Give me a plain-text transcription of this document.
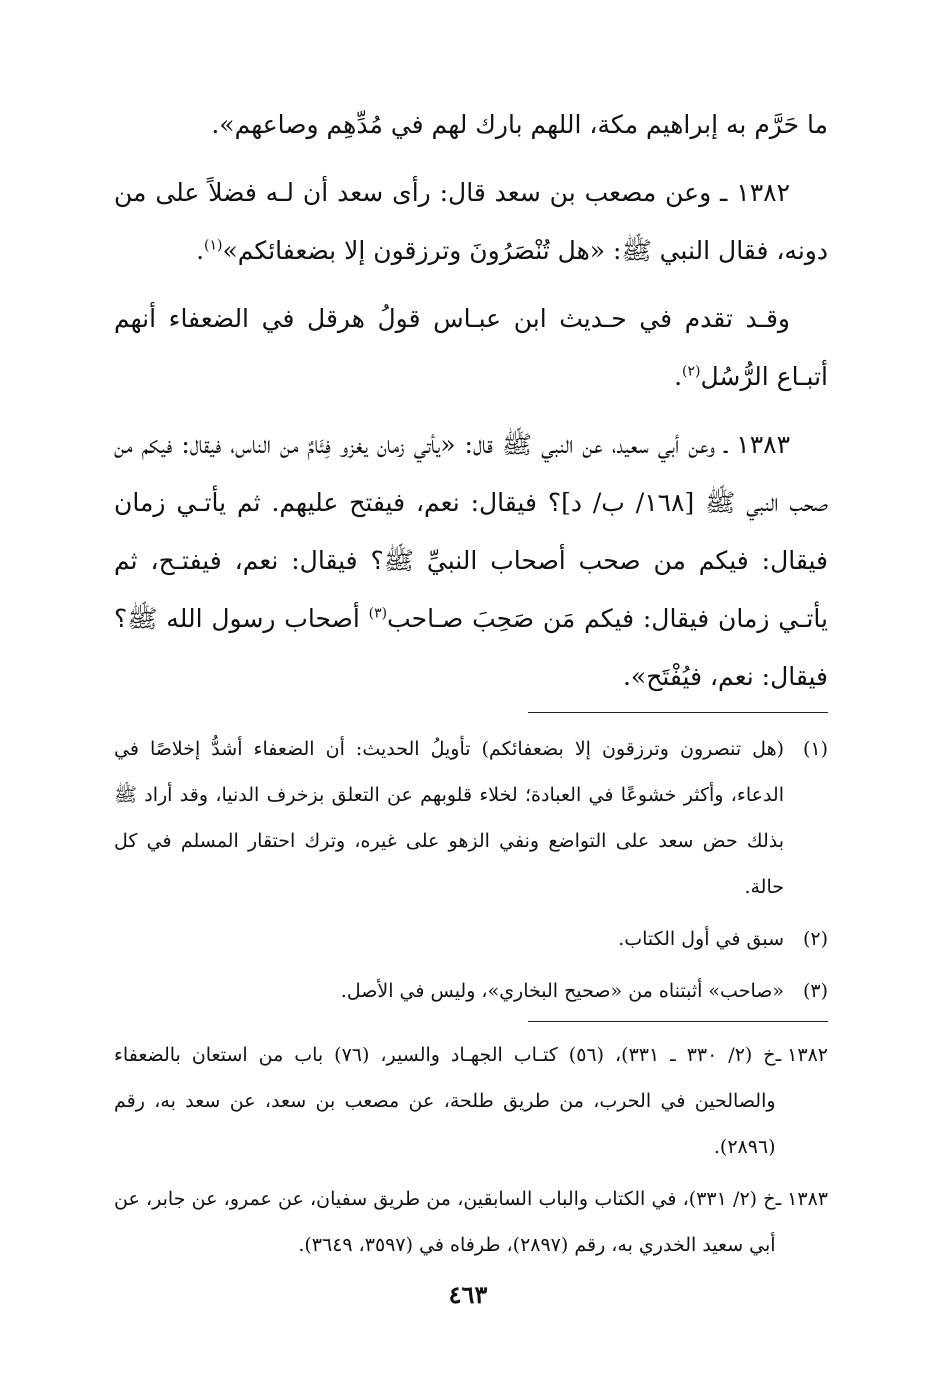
ما حَرَّم به إبراهيم مكة، اللهم بارك لهم في مُدِّهِم وصاعهم».

١٣٨٢ ـ وعن مصعب بن سعد قال: رأى سعد أن لـه فضلاً على من دونه، فقال النبي ﷺ: «هل تُنْصَرُونَ وترزقون إلا بضعفائكم»$^{(١)}$.

وقـد تقدم في حـديث ابن عبـاس قولُ هرقل في الضعفاء أنهم أتبـاع الرُّسُل$^{(٢)}$.

١٣٨٣ ـ وعن أبي سعيد، عن النبي ﷺ قال: «يأتي زمان يغزو فِئَامٌ من الناس، فيقال: فيكم من صحب النبي ﷺ [١٦٨/ ب/ د]؟ فيقال: نعم، فيفتح عليهم. ثم يأتـي زمان فيقال: فيكم من صحب أصحاب النبيِّ ﷺ؟ فيقال: نعم، فيفتـح، ثم يأتـي زمان فيقال: فيكم مَن صَحِبَ صـاحب$^{(٣)}$ أصحاب رسول الله ﷺ؟ فيقال: نعم، فيُفْتَح».

(١)
(هل تنصرون وترزقون إلا بضعفائكم) تأويلُ الحديث: أن الضعفاء أشدُّ إخلاصًا في الدعاء، وأكثر خشوعًا في العبادة؛ لخلاء قلوبهم عن التعلق بزخرف الدنيا، وقد أراد ﷺ بذلك حض سعد على التواضع ونفي الزهو على غيره، وترك احتقار المسلم في كل حالة.
(٢)
سبق في أول الكتاب.
(٣)
«صاحب» أثبتناه من «صحيح البخاري»، وليس في الأصل.
١٣٨٢ ـ
خ (٢/ ٣٣٠ ـ ٣٣١)، (٥٦) كتـاب الجهـاد والسير، (٧٦) باب من استعان بالضعفاء والصالحين في الحرب، من طريق طلحة، عن مصعب بن سعد، عن سعد به، رقم (٢٨٩٦).
١٣٨٣ ـ
خ (٢/ ٣٣١)، في الكتاب والباب السابقين، من طريق سفيان، عن عمرو، عن جابر، عن أبي سعيد الخدري به، رقم (٢٨٩٧)، طرفاه في (٣٥٩٧، ٣٦٤٩).
٤٦٣
